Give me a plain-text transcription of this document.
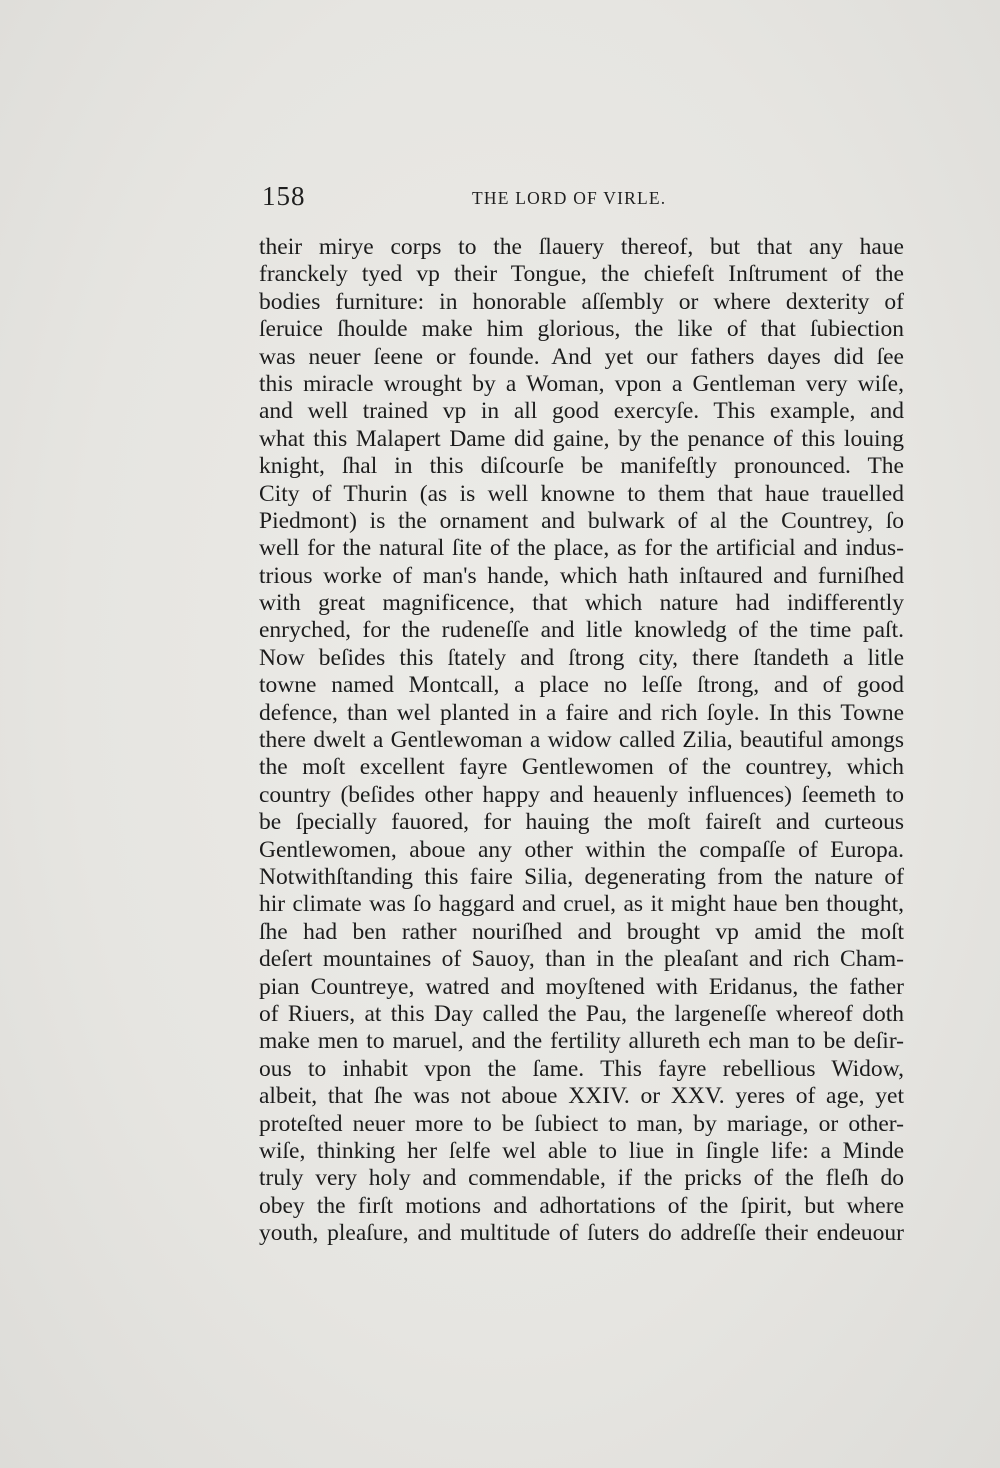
158	THE LORD OF VIRLE.
their mirye corps to the ſlauery thereof, but that any haue
franckely tyed vp their Tongue, the chiefeſt Inſtrument of the
bodies furniture: in honorable aſſembly or where dexterity of
ſeruice ſhoulde make him glorious, the like of that ſubiection
was neuer ſeene or founde. And yet our fathers dayes did ſee
this miracle wrought by a Woman, vpon a Gentleman very wiſe,
and well trained vp in all good exercyſe. This example, and
what this Malapert Dame did gaine, by the penance of this louing
knight, ſhal in this diſcourſe be manifeſtly pronounced. The
City of Thurin (as is well knowne to them that haue trauelled
Piedmont) is the ornament and bulwark of al the Countrey, ſo
well for the natural ſite of the place, as for the artificial and indus-
trious worke of man's hande, which hath inſtaured and furniſhed
with great magnificence, that which nature had indifferently
enryched, for the rudeneſſe and litle knowledg of the time paſt.
Now beſides this ſtately and ſtrong city, there ſtandeth a litle
towne named Montcall, a place no leſſe ſtrong, and of good
defence, than wel planted in a faire and rich ſoyle. In this Towne
there dwelt a Gentlewoman a widow called Zilia, beautiful amongs
the moſt excellent fayre Gentlewomen of the countrey, which
country (beſides other happy and heauenly influences) ſeemeth to
be ſpecially fauored, for hauing the moſt faireſt and curteous
Gentlewomen, aboue any other within the compaſſe of Europa.
Notwithſtanding this faire Silia, degenerating from the nature of
hir climate was ſo haggard and cruel, as it might haue ben thought,
ſhe had ben rather nouriſhed and brought vp amid the moſt
deſert mountaines of Sauoy, than in the pleaſant and rich Cham-
pian Countreye, watred and moyſtened with Eridanus, the father
of Riuers, at this Day called the Pau, the largeneſſe whereof doth
make men to maruel, and the fertility allureth ech man to be deſir-
ous to inhabit vpon the ſame. This fayre rebellious Widow,
albeit, that ſhe was not aboue XXIV. or XXV. yeres of age, yet
proteſted neuer more to be ſubiect to man, by mariage, or other-
wiſe, thinking her ſelfe wel able to liue in ſingle life: a Minde
truly very holy and commendable, if the pricks of the fleſh do
obey the firſt motions and adhortations of the ſpirit, but where
youth, pleaſure, and multitude of ſuters do addreſſe their endeuour
